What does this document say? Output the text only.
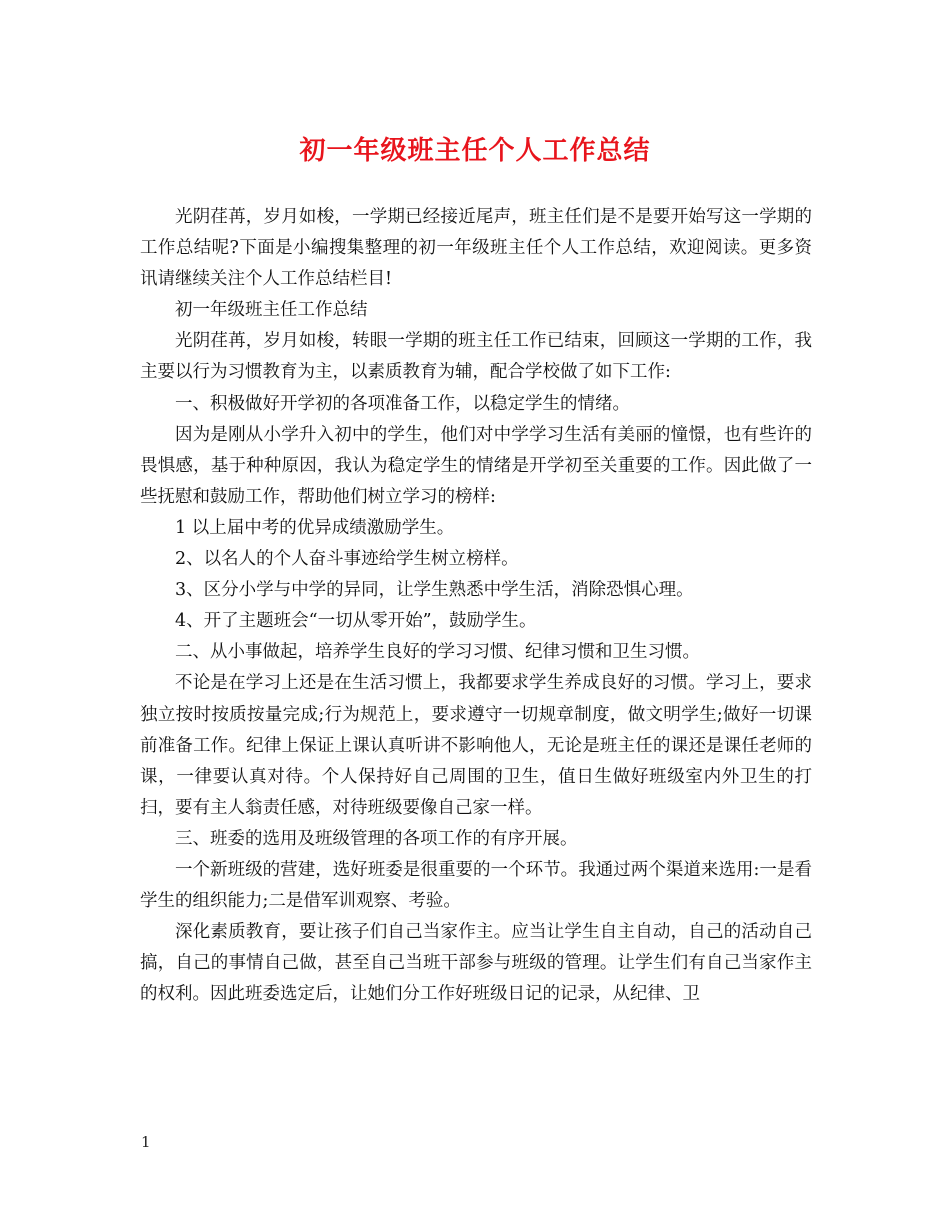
初一年级班主任个人工作总结

光阴荏苒，岁月如梭，一学期已经接近尾声，班主任们是不是要开始写这一学期的工作总结呢?下面是小编搜集整理的初一年级班主任个人工作总结，欢迎阅读。更多资讯请继续关注个人工作总结栏目!

初一年级班主任工作总结

光阴荏苒，岁月如梭，转眼一学期的班主任工作已结束，回顾这一学期的工作，我主要以行为习惯教育为主，以素质教育为辅，配合学校做了如下工作:

一、积极做好开学初的各项准备工作，以稳定学生的情绪。

因为是刚从小学升入初中的学生，他们对中学学习生活有美丽的憧憬，也有些许的畏惧感，基于种种原因，我认为稳定学生的情绪是开学初至关重要的工作。因此做了一些抚慰和鼓励工作，帮助他们树立学习的榜样:

1 以上届中考的优异成绩激励学生。

2、以名人的个人奋斗事迹给学生树立榜样。

3、区分小学与中学的异同，让学生熟悉中学生活，消除恐惧心理。

4、开了主题班会“一切从零开始”，鼓励学生。

二、从小事做起，培养学生良好的学习习惯、纪律习惯和卫生习惯。

不论是在学习上还是在生活习惯上，我都要求学生养成良好的习惯。学习上，要求独立按时按质按量完成;行为规范上，要求遵守一切规章制度，做文明学生;做好一切课前准备工作。纪律上保证上课认真听讲不影响他人，无论是班主任的课还是课任老师的课，一律要认真对待。个人保持好自己周围的卫生，值日生做好班级室内外卫生的打扫，要有主人翁责任感，对待班级要像自己家一样。

三、班委的选用及班级管理的各项工作的有序开展。

一个新班级的营建，选好班委是很重要的一个环节。我通过两个渠道来选用:一是看学生的组织能力;二是借军训观察、考验。

深化素质教育，要让孩子们自己当家作主。应当让学生自主自动，自己的活动自己搞，自己的事情自己做，甚至自己当班干部参与班级的管理。让学生们有自己当家作主的权利。因此班委选定后，让她们分工作好班级日记的记录，从纪律、卫

1
